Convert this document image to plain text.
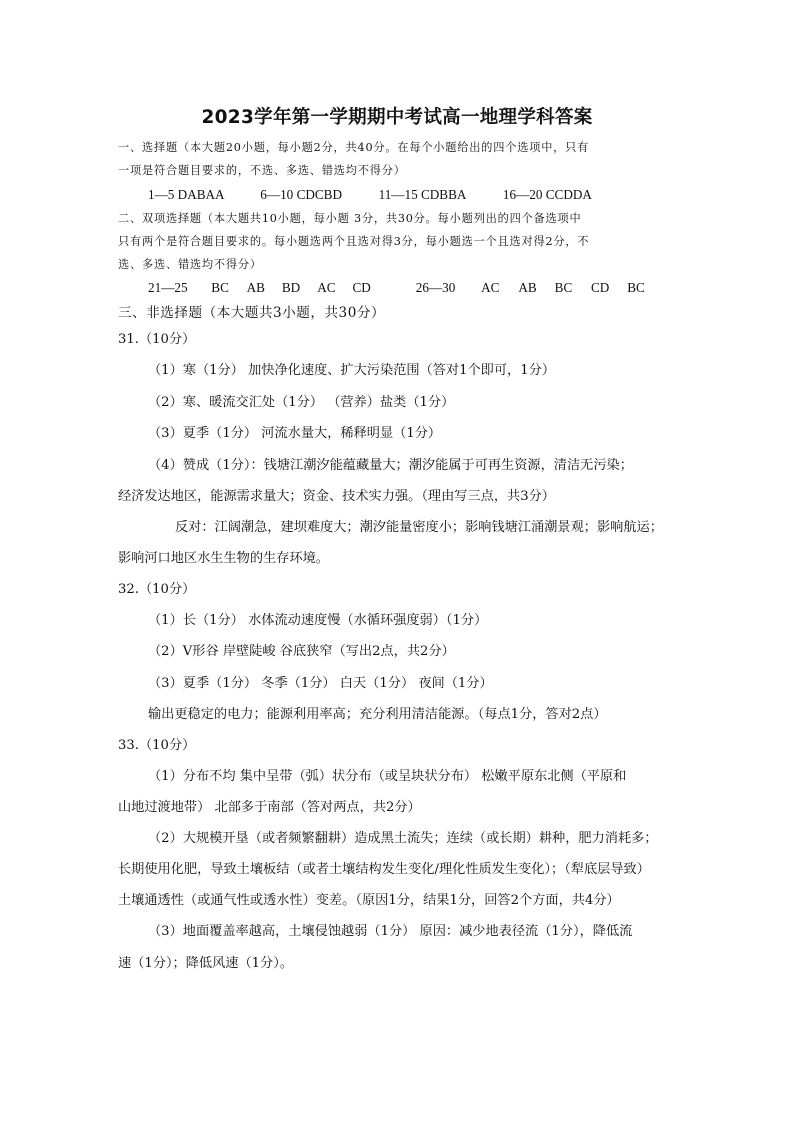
2023学年第一学期期中考试高一地理学科答案
一、选择题（本大题20小题，每小题2分，共40分。在每个小题给出的四个选项中，只有
一项是符合题目要求的，不选、多选、错选均不得分）
1—5 DABAA	6—10 CDCBD	11—15 CDBBA	16—20 CCDDA
二、双项选择题（本大题共10小题，每小题 3分，共30分。每小题列出的四个备选项中
只有两个是符合题目要求的。每小题选两个且选对得3分，每小题选一个且选对得2分，不
选、多选、错选均不得分）
21—25 BC AB BD AC CD	26—30 AC AB BC CD BC
三、非选择题（本大题共3小题，共30分）
31.（10分）
（1）寒（1分） 加快净化速度、扩大污染范围（答对1个即可，1分）
（2）寒、暖流交汇处（1分） （营养）盐类（1分）
（3）夏季（1分） 河流水量大，稀释明显（1分）
（4）赞成（1分）：钱塘江潮汐能蕴藏量大；潮汐能属于可再生资源，清洁无污染；
经济发达地区，能源需求量大；资金、技术实力强。（理由写三点，共3分）
反对：江阔潮急，建坝难度大；潮汐能量密度小；影响钱塘江涌潮景观；影响航运；
影响河口地区水生生物的生存环境。
32.（10分）
（1）长（1分） 水体流动速度慢（水循环强度弱）（1分）
（2）V形谷 岸壁陡峻 谷底狭窄（写出2点，共2分）
（3）夏季（1分） 冬季（1分） 白天（1分） 夜间（1分）
输出更稳定的电力；能源利用率高；充分利用清洁能源。（每点1分，答对2点）
33.（10分）
（1）分布不均 集中呈带（弧）状分布（或呈块状分布） 松嫩平原东北侧（平原和
山地过渡地带） 北部多于南部（答对两点，共2分）
（2）大规模开垦（或者频繁翻耕）造成黑土流失；连续（或长期）耕种，肥力消耗多；
长期使用化肥，导致土壤板结（或者土壤结构发生变化/理化性质发生变化）；（犁底层导致）
土壤通透性（或通气性或透水性）变差。（原因1分，结果1分，回答2个方面，共4分）
（3）地面覆盖率越高，土壤侵蚀越弱（1分） 原因：减少地表径流（1分），降低流
速（1分）；降低风速（1分）。
